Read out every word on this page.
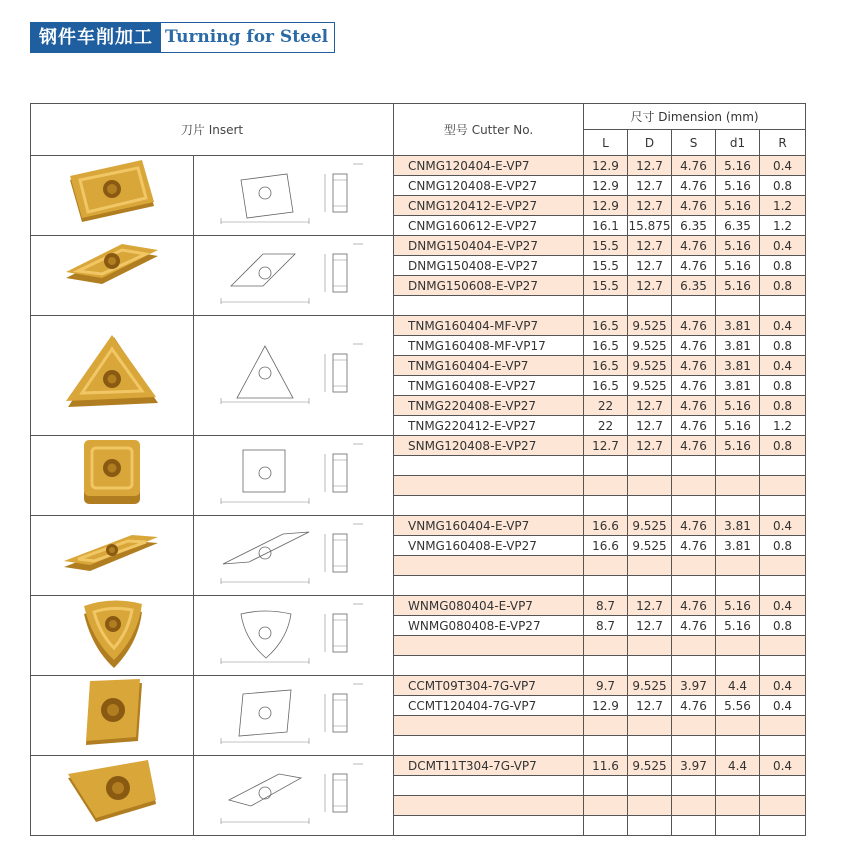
钢件车削加工 Turning for Steel
刀片 Insert		型号 Cutter No.	尺寸 Dimension (mm)				
			L	D	S	d1	R
		CNMG120404-E-VP7	12.9	12.7	4.76	5.16	0.4
		CNMG120408-E-VP27	12.9	12.7	4.76	5.16	0.8
		CNMG120412-E-VP27	12.9	12.7	4.76	5.16	1.2
		CNMG160612-E-VP27	16.1	15.875	6.35	6.35	1.2
		DNMG150404-E-VP27	15.5	12.7	4.76	5.16	0.4
		DNMG150408-E-VP27	15.5	12.7	4.76	5.16	0.8
		DNMG150608-E-VP27	15.5	12.7	6.35	5.16	0.8

		TNMG160404-MF-VP7	16.5	9.525	4.76	3.81	0.4
		TNMG160408-MF-VP17	16.5	9.525	4.76	3.81	0.8
		TNMG160404-E-VP7	16.5	9.525	4.76	3.81	0.4
		TNMG160408-E-VP27	16.5	9.525	4.76	3.81	0.8
		TNMG220408-E-VP27	22	12.7	4.76	5.16	0.8
		TNMG220412-E-VP27	22	12.7	4.76	5.16	1.2
		SNMG120408-E-VP27	12.7	12.7	4.76	5.16	0.8

		VNMG160404-E-VP7	16.6	9.525	4.76	3.81	0.4
		VNMG160408-E-VP27	16.6	9.525	4.76	3.81	0.8

		WNMG080404-E-VP7	8.7	12.7	4.76	5.16	0.4
		WNMG080408-E-VP27	8.7	12.7	4.76	5.16	0.8

		CCMT09T304-7G-VP7	9.7	9.525	3.97	4.4	0.4
		CCMT120404-7G-VP7	12.9	12.7	4.76	5.56	0.4

		DCMT11T304-7G-VP7	11.6	9.525	3.97	4.4	0.4
